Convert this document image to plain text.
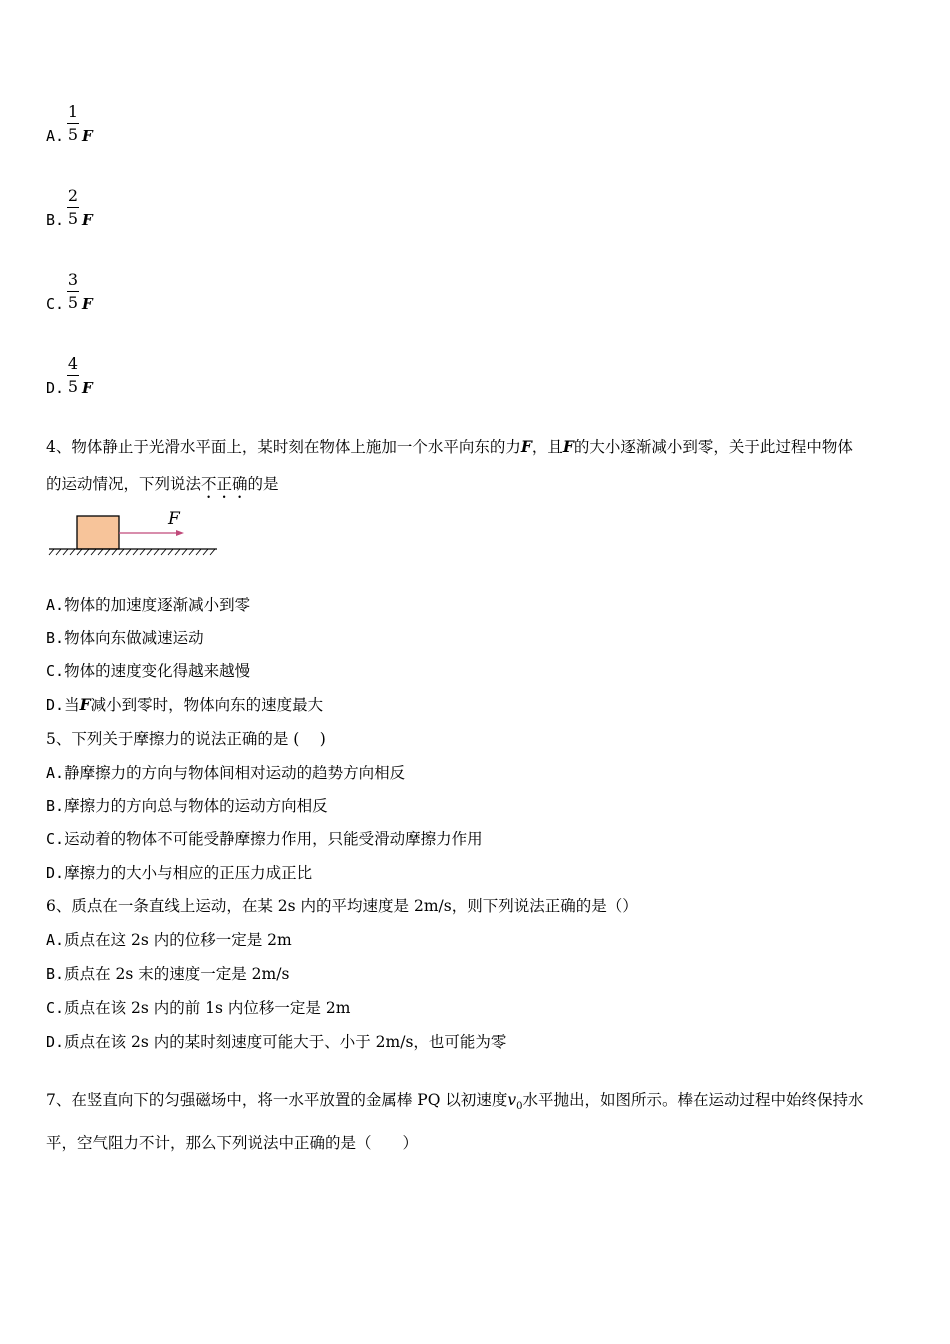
A.
1
5 F
B.
2
5 F
C.
3
5 F
D.
4
5 F
4、物体静止于光滑水平面上，某时刻在物体上施加一个水平向东的力F，且F的大小逐渐减小到零，关于此过程中物体
的运动情况，下列说法不正确的是
F
A.物体的加速度逐渐减小到零
B.物体向东做减速运动
C.物体的速度变化得越来越慢
D.当F减小到零时，物体向东的速度最大
5、下列关于摩擦力的说法正确的是 (　 )
A.静摩擦力的方向与物体间相对运动的趋势方向相反
B.摩擦力的方向总与物体的运动方向相反
C.运动着的物体不可能受静摩擦力作用，只能受滑动摩擦力作用
D.摩擦力的大小与相应的正压力成正比
6、质点在一条直线上运动，在某 2s 内的平均速度是 2m/s，则下列说法正确的是（）
A.质点在这 2s 内的位移一定是 2m
B.质点在 2s 末的速度一定是 2m/s
C.质点在该 2s 内的前 1s 内位移一定是 2m
D.质点在该 2s 内的某时刻速度可能大于、小于 2m/s，也可能为零
7、在竖直向下的匀强磁场中，将一水平放置的金属棒 PQ 以初速度$v_0$水平抛出，如图所示。棒在运动过程中始终保持水
平，空气阻力不计，那么下列说法中正确的是（　　）
